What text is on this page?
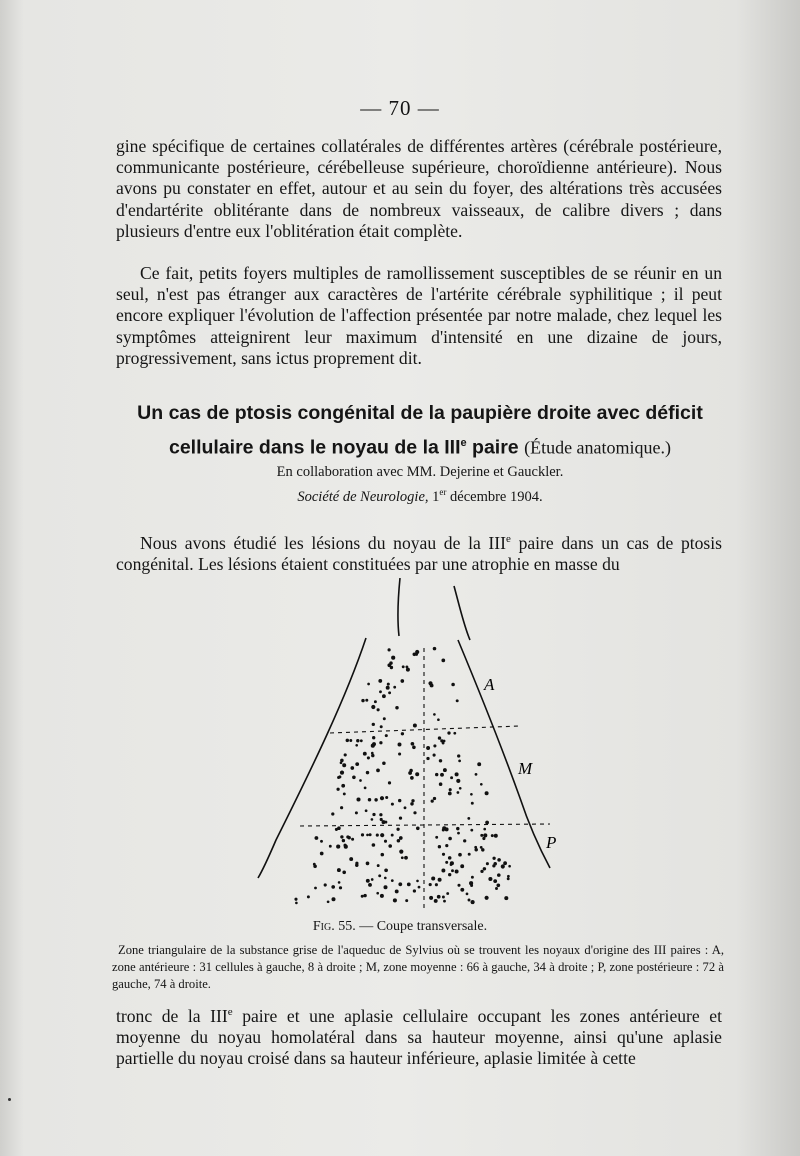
— 70 —

gine spécifique de certaines collatérales de différentes artères (cérébrale postérieure, communicante postérieure, cérébelleuse supérieure, choroïdienne antérieure). Nous avons pu constater en effet, autour et au sein du foyer, des altérations très accusées d'endartérite oblitérante dans de nombreux vaisseaux, de calibre divers ; dans plusieurs d'entre eux l'oblitération était complète.

Ce fait, petits foyers multiples de ramollissement susceptibles de se réunir en un seul, n'est pas étranger aux caractères de l'artérite cérébrale syphilitique ; il peut encore expliquer l'évolution de l'affection présentée par notre malade, chez lequel les symptômes atteignirent leur maximum d'intensité en une dizaine de jours, progressivement, sans ictus proprement dit.

Un cas de ptosis congénital de la paupière droite avec déficit
cellulaire dans le noyau de la IIIe paire (Étude anatomique.)
En collaboration avec MM. Dejerine et Gauckler.
Société de Neurologie, 1er décembre 1904.

Nous avons étudié les lésions du noyau de la IIIe paire dans un cas de ptosis congénital. Les lésions étaient constituées par une atrophie en masse du

A
M
P
Fig. 55. — Coupe transversale.

Zone triangulaire de la substance grise de l'aqueduc de Sylvius où se trouvent les noyaux d'origine des III paires : A, zone antérieure : 31 cellules à gauche, 8 à droite ; M, zone moyenne : 66 à gauche, 34 à droite ; P, zone postérieure : 72 à gauche, 74 à droite.

tronc de la IIIe paire et une aplasie cellulaire occupant les zones antérieure et moyenne du noyau homolatéral dans sa hauteur moyenne, ainsi qu'une aplasie partielle du noyau croisé dans sa hauteur inférieure, aplasie limitée à cette
